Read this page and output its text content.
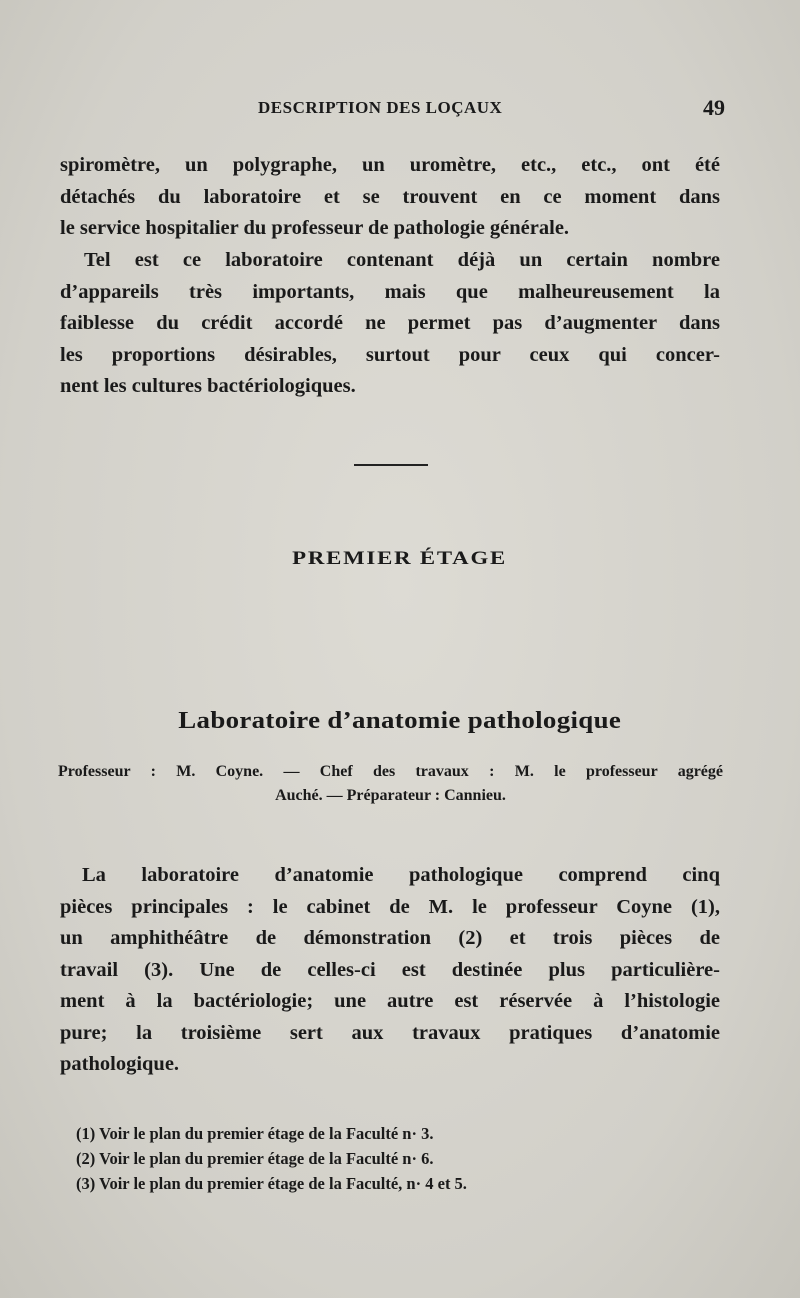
DESCRIPTION DES LOÇAUX	49
spiromètre, un polygraphe, un uromètre, etc., etc., ont été
détachés du laboratoire et se trouvent en ce moment dans
le service hospitalier du professeur de pathologie générale.
Tel est ce laboratoire contenant déjà un certain nombre
d’appareils très importants, mais que malheureusement la
faiblesse du crédit accordé ne permet pas d’augmenter dans
les proportions désirables, surtout pour ceux qui concer-
nent les cultures bactériologiques.
PREMIER ÉTAGE
Laboratoire d’anatomie pathologique
Professeur : M. Coyne. — Chef des travaux : M. le professeur agrégé
Auché. — Préparateur : Cannieu.
La laboratoire d’anatomie pathologique comprend cinq
pièces principales : le cabinet de M. le professeur Coyne (1),
un amphithéâtre de démonstration (2) et trois pièces de
travail (3). Une de celles-ci est destinée plus particulière-
ment à la bactériologie; une autre est réservée à l’histologie
pure; la troisième sert aux travaux pratiques d’anatomie
pathologique.
(1) Voir le plan du premier étage de la Faculté n· 3.
(2) Voir le plan du premier étage de la Faculté n· 6.
(3) Voir le plan du premier étage de la Faculté, n· 4 et 5.
